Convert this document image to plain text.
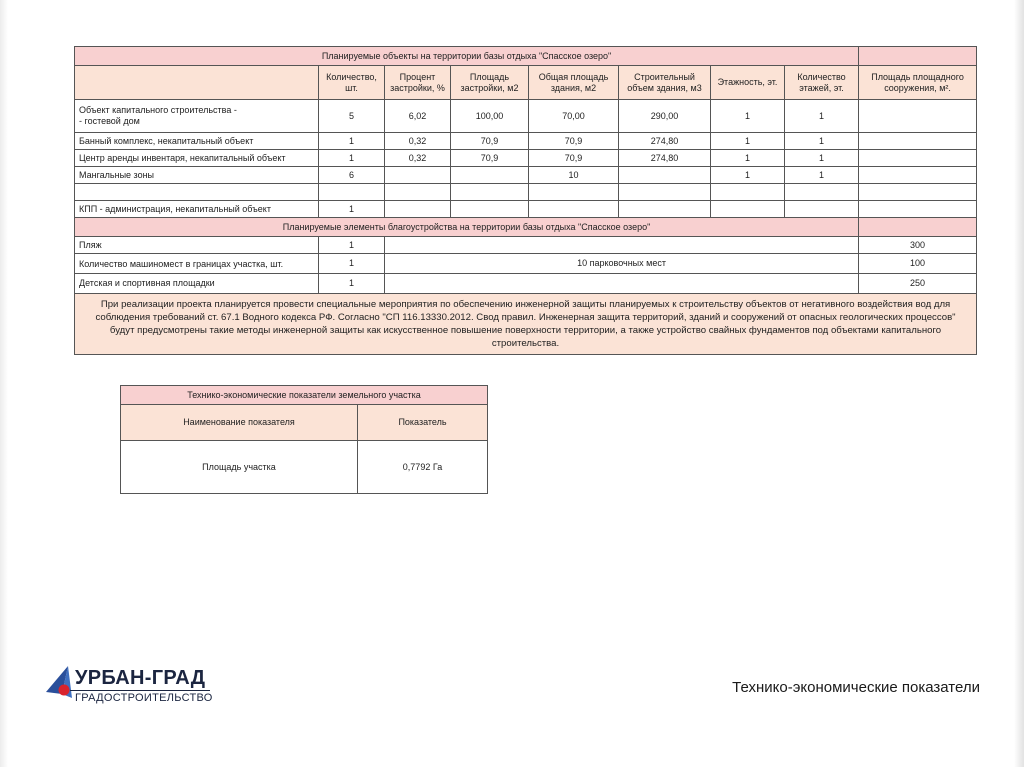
Планируемые объекты на территории базы отдыха "Спасское озеро"								
	Количество, шт.	Процент застройки, %	Площадь застройки, м2	Общая площадь здания, м2	Строительный объем здания, м3	Этажность, эт.	Количество этажей, эт.	Площадь площадного сооружения, м².
Объект капитального строительства -
- гостевой дом	5	6,02	100,00	70,00	290,00	1	1	
Банный комплекс, некапитальный объект	1	0,32	70,9	70,9	274,80	1	1	
Центр аренды инвентаря, некапитальный объект	1	0,32	70,9	70,9	274,80	1	1	
Мангальные зоны	6			10		1	1	

КПП - администрация, некапитальный объект	1							
Планируемые элементы благоустройства на территории базы отдыха "Спасское озеро"								
Пляж	1							300
Количество машиномест в границах участка, шт.	1	10 парковочных мест						100
Детская и спортивная площадки	1							250
При реализации проекта планируется провести специальные мероприятия по обеспечению инженерной защиты планируемых к строительству объектов от негативного воздействия вод для соблюдения требований ст. 67.1 Водного кодекса РФ. Согласно "СП 116.13330.2012. Свод правил. Инженерная защита территорий, зданий и сооружений от опасных геологических процессов" будут предусмотрены такие методы инженерной защиты как искусственное повышение поверхности территории, а также устройство свайных фундаментов под объектами капитального строительства.								
Технико-экономические показатели земельного участка	
Наименование показателя	Показатель
Площадь участка	0,7792 Га
УРБАН-ГРАД
ГРАДОСТРОИТЕЛЬСТВО
Технико-экономические показатели
